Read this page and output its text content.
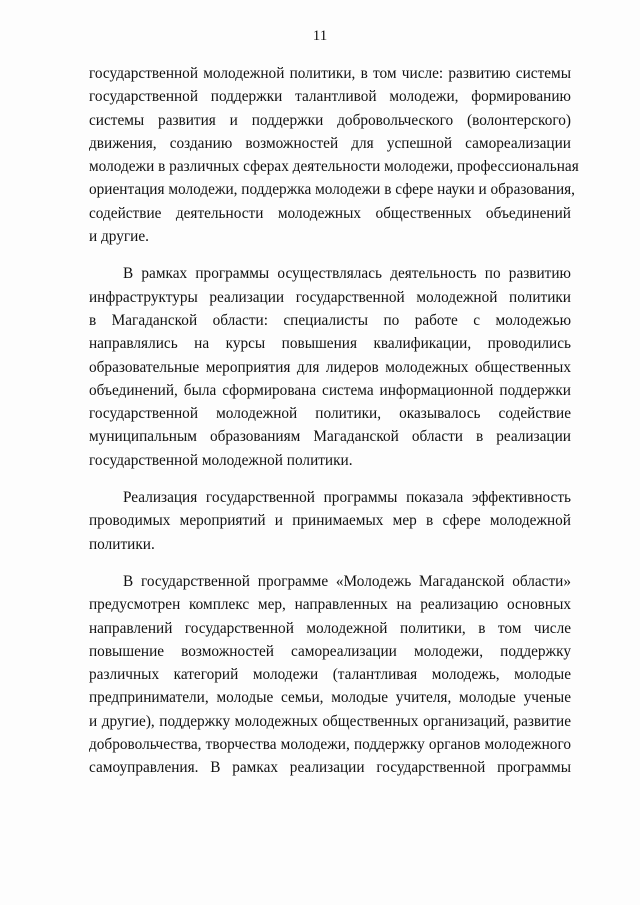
11

государственной молодежной политики, в том числе: развитию системы
государственной поддержки талантливой молодежи, формированию
системы развития и поддержки добровольческого (волонтерского)
движения, созданию возможностей для успешной самореализации
молодежи в различных сферах деятельности молодежи, профессиональная
ориентация молодежи, поддержка молодежи в сфере науки и образования,
содействие деятельности молодежных общественных объединений
и другие.

В рамках программы осуществлялась деятельность по развитию
инфраструктуры реализации государственной молодежной политики
в Магаданской области: специалисты по работе с молодежью
направлялись на курсы повышения квалификации, проводились
образовательные мероприятия для лидеров молодежных общественных
объединений, была сформирована система информационной поддержки
государственной молодежной политики, оказывалось содействие
муниципальным образованиям Магаданской области в реализации
государственной молодежной политики.

Реализация государственной программы показала эффективность
проводимых мероприятий и принимаемых мер в сфере молодежной
политики.

В государственной программе «Молодежь Магаданской области»
предусмотрен комплекс мер, направленных на реализацию основных
направлений государственной молодежной политики, в том числе
повышение возможностей самореализации молодежи, поддержку
различных категорий молодежи (талантливая молодежь, молодые
предприниматели, молодые семьи, молодые учителя, молодые ученые
и другие), поддержку молодежных общественных организаций, развитие
добровольчества, творчества молодежи, поддержку органов молодежного
самоуправления. В рамках реализации государственной программы
